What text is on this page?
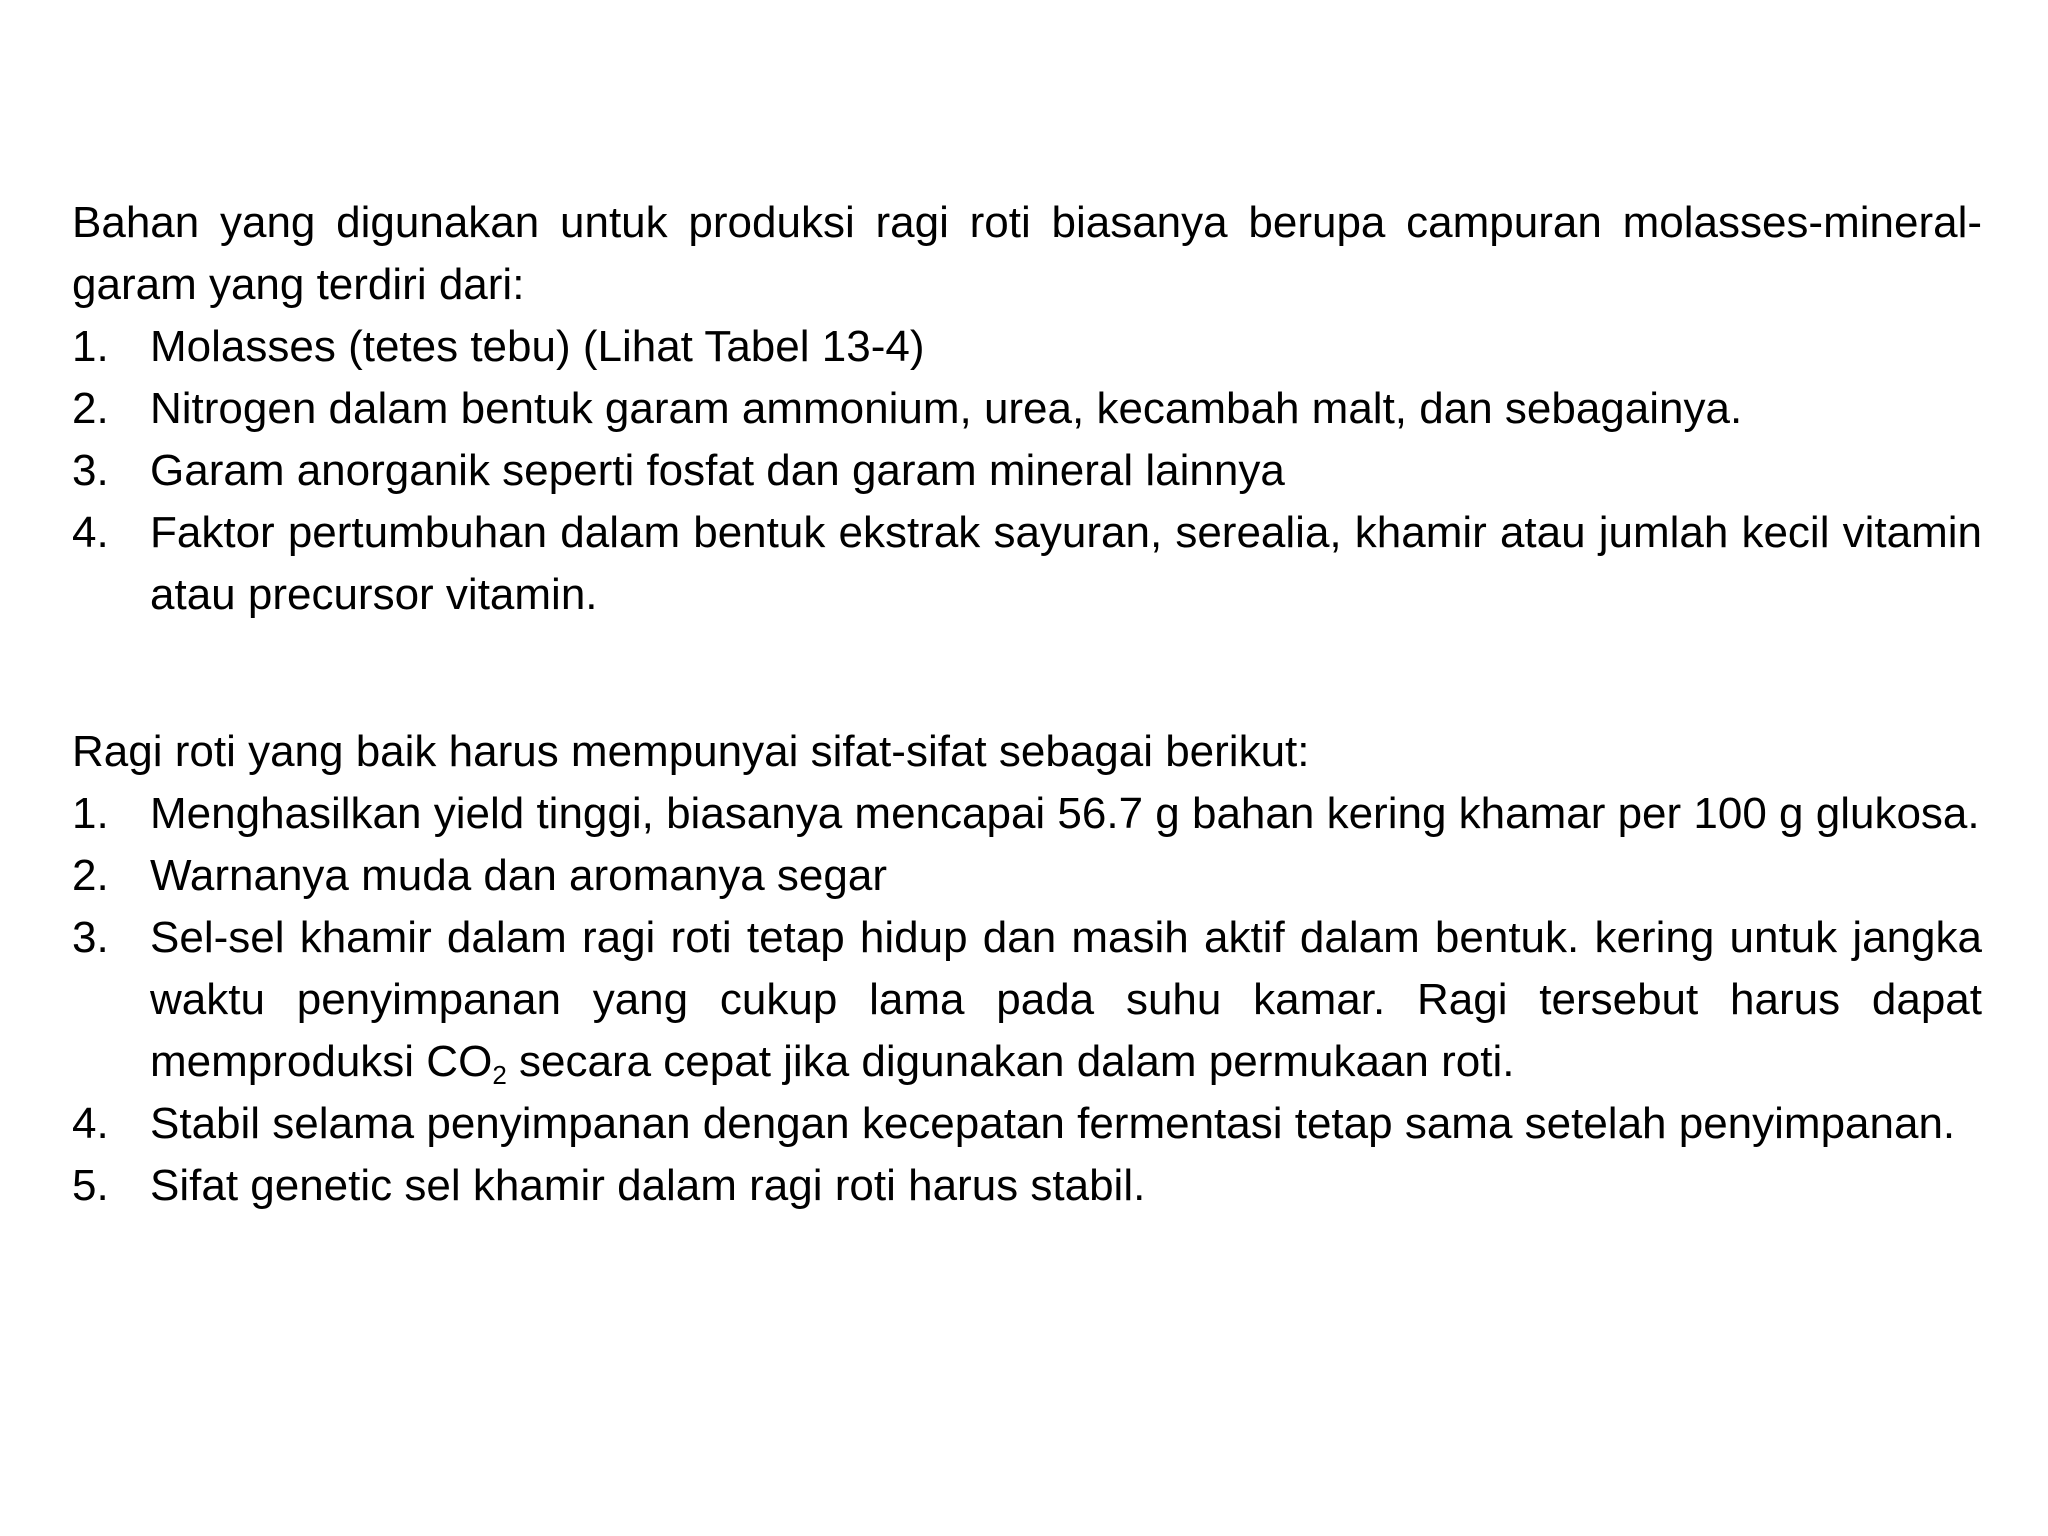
Bahan yang digunakan untuk produksi ragi roti biasanya berupa campuran molasses-mineral-garam yang terdiri dari:

1. Molasses (tetes tebu) (Lihat Tabel 13-4)
2. Nitrogen dalam bentuk garam ammonium, urea, kecambah malt, dan sebagainya.
3. Garam anorganik seperti fosfat dan garam mineral lainnya
4. Faktor pertumbuhan dalam bentuk ekstrak sayuran, serealia, khamir atau jumlah kecil vitamin atau precursor vitamin.

Ragi roti yang baik harus mempunyai sifat-sifat sebagai berikut:

1. Menghasilkan yield tinggi, biasanya mencapai 56.7 g bahan kering khamar per 100 g glukosa.
2. Warnanya muda dan aromanya segar
3. Sel-sel khamir dalam ragi roti tetap hidup dan masih aktif dalam bentuk. kering untuk jangka waktu penyimpanan yang cukup lama pada suhu kamar. Ragi tersebut harus dapat memproduksi $CO_2$ secara cepat jika digunakan dalam permukaan roti.
4. Stabil selama penyimpanan dengan kecepatan fermentasi tetap sama setelah penyimpanan.
5. Sifat genetic sel khamir dalam ragi roti harus stabil.
